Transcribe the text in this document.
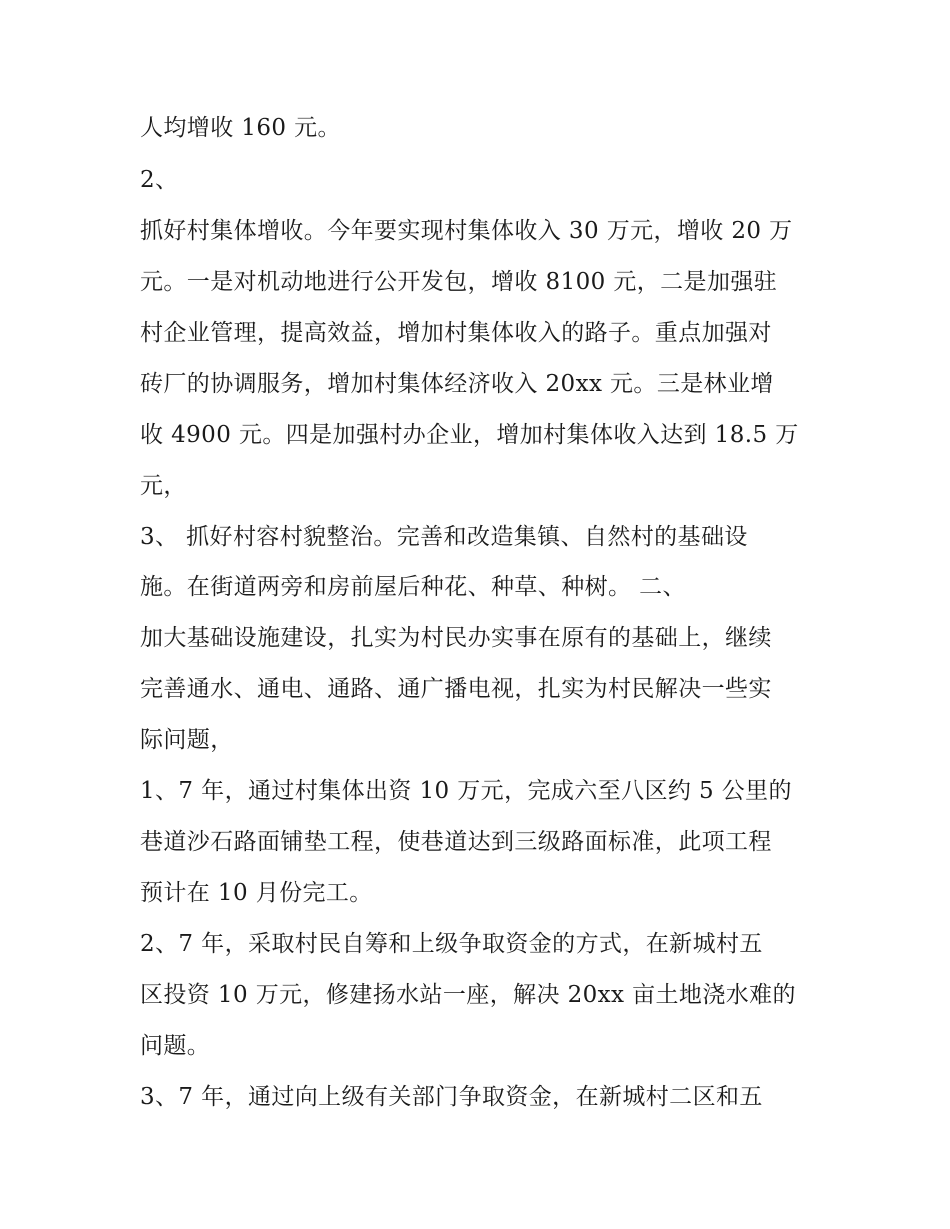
人均增收 160 元。
2、
抓好村集体增收。今年要实现村集体收入 30 万元，增收 20 万
元。一是对机动地进行公开发包，增收 8100 元，二是加强驻
村企业管理，提高效益，增加村集体收入的路子。重点加强对
砖厂的协调服务，增加村集体经济收入 20xx 元。三是林业增
收 4900 元。四是加强村办企业，增加村集体收入达到 18.5 万
元，
3、 抓好村容村貌整治。完善和改造集镇、自然村的基础设
施。在街道两旁和房前屋后种花、种草、种树。 二、
加大基础设施建设，扎实为村民办实事在原有的基础上，继续
完善通水、通电、通路、通广播电视，扎实为村民解决一些实
际问题，
1、7 年，通过村集体出资 10 万元，完成六至八区约 5 公里的
巷道沙石路面铺垫工程，使巷道达到三级路面标准，此项工程
预计在 10 月份完工。
2、7 年，采取村民自筹和上级争取资金的方式，在新城村五
区投资 10 万元，修建扬水站一座，解决 20xx 亩土地浇水难的
问题。
3、7 年，通过向上级有关部门争取资金，在新城村二区和五
